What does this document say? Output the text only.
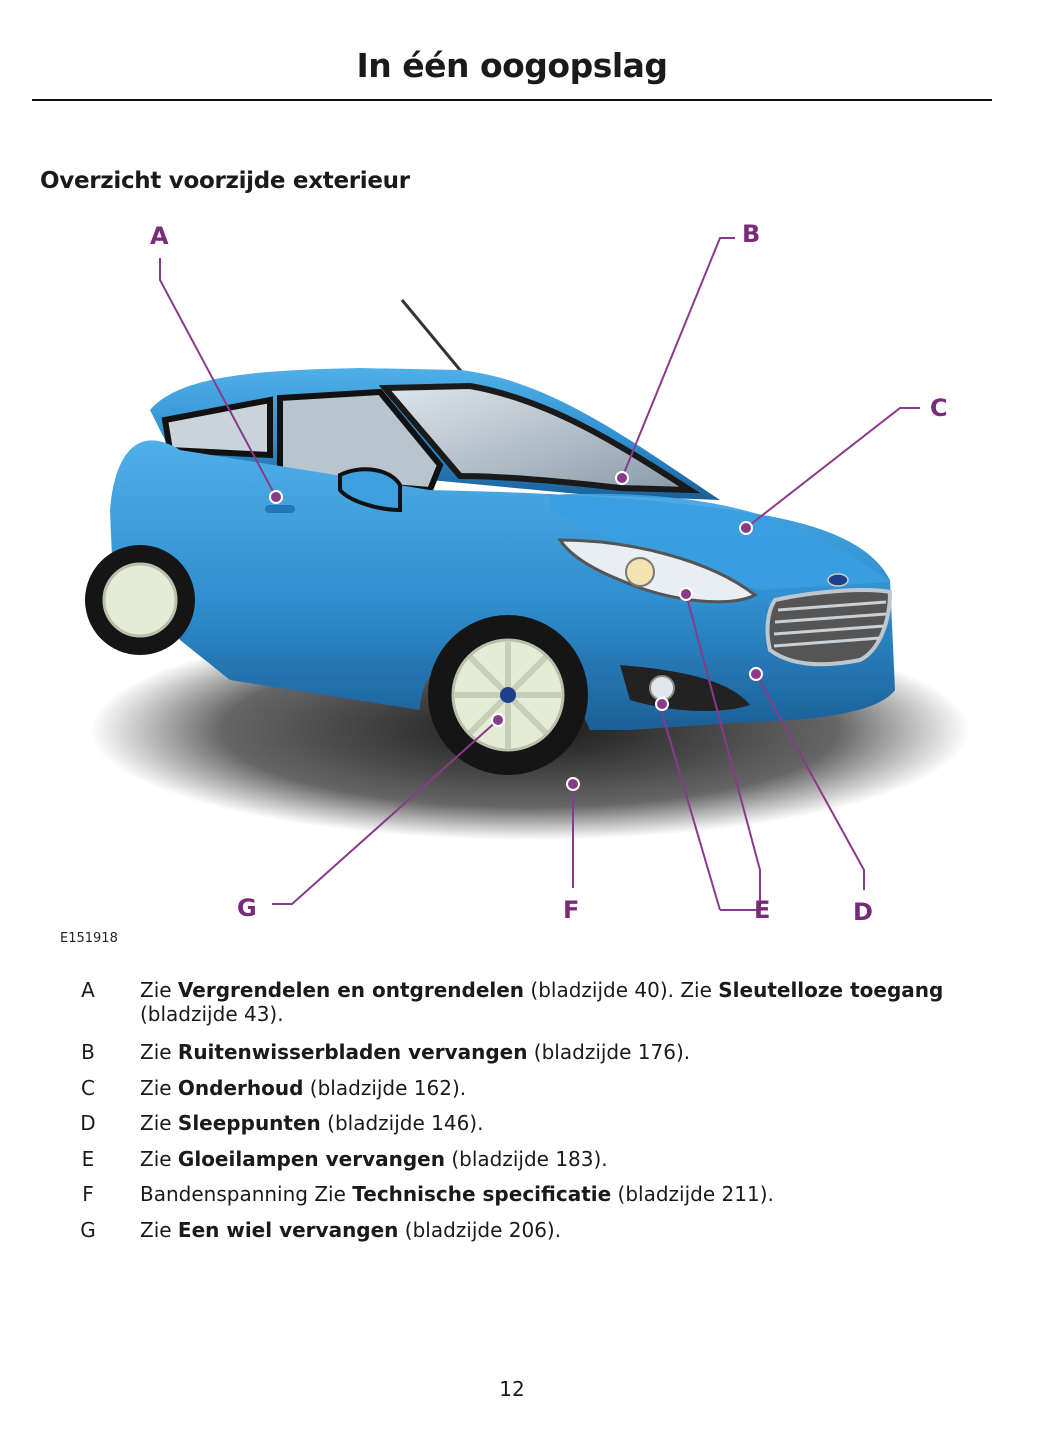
In één oogopslag
Overzicht voorzijde exterieur
A	B
C
D
E
F
G
E151918
A Zie Vergrendelen en ontgrendelen (bladzijde 40). Zie Sleutelloze toegang (bladzijde 43).
B Zie Ruitenwisserbladen vervangen (bladzijde 176).
C Zie Onderhoud (bladzijde 162).
D Zie Sleeppunten (bladzijde 146).
E Zie Gloeilampen vervangen (bladzijde 183).
F Bandenspanning Zie Technische specificatie (bladzijde 211).
G Zie Een wiel vervangen (bladzijde 206).
12
